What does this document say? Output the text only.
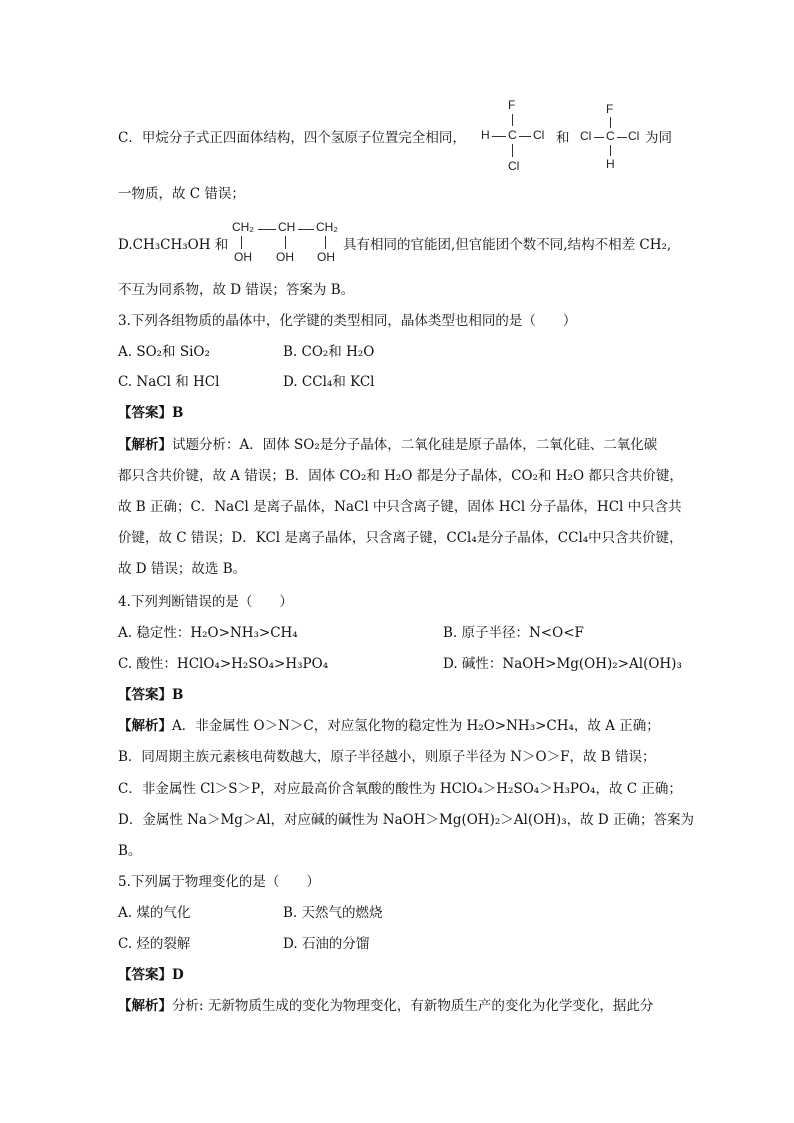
C．甲烷分子式正四面体结构，四个氢原子位置完全相同，
F
H C Cl
Cl
和
F
Cl C Cl
H
为同
一物质，故 C 错误；
D.CH₃CH₃OH 和
CH₂ CH CH₂
OH OH OH
具有相同的官能团,但官能团个数不同,结构不相差 CH₂,
不互为同系物，故 D 错误；答案为 B。
3.下列各组物质的晶体中，化学键的类型相同，晶体类型也相同的是（　　）
A. SO₂和 SiO₂	B. CO₂和 H₂O
C. NaCl 和 HCl	D. CCl₄和 KCl
【答案】B
【解析】试题分析：A．固体 SO₂是分子晶体，二氧化硅是原子晶体，二氧化硅、二氧化碳
都只含共价键，故 A 错误；B．固体 CO₂和 H₂O 都是分子晶体，CO₂和 H₂O 都只含共价键，
故 B 正确；C．NaCl 是离子晶体，NaCl 中只含离子键，固体 HCl 分子晶体，HCl 中只含共
价键，故 C 错误；D．KCl 是离子晶体，只含离子键，CCl₄是分子晶体，CCl₄中只含共价键，
故 D 错误；故选 B。
4.下列判断错误的是（　　）
A. 稳定性：H₂O>NH₃>CH₄	B. 原子半径：N<O<F
C. 酸性：HClO₄>H₂SO₄>H₃PO₄	D. 碱性：NaOH>Mg(OH)₂>Al(OH)₃
【答案】B
【解析】A．非金属性 O＞N＞C，对应氢化物的稳定性为 H₂O>NH₃>CH₄，故 A 正确；
B．同周期主族元素核电荷数越大，原子半径越小，则原子半径为 N＞O＞F，故 B 错误；
C．非金属性 Cl＞S＞P，对应最高价含氧酸的酸性为 HClO₄＞H₂SO₄＞H₃PO₄，故 C 正确；
D．金属性 Na＞Mg＞Al，对应碱的碱性为 NaOH＞Mg(OH)₂＞Al(OH)₃，故 D 正确；答案为
B。
5.下列属于物理变化的是（　　）
A. 煤的气化	B. 天然气的燃烧
C. 烃的裂解	D. 石油的分馏
【答案】D
【解析】分析: 无新物质生成的变化为物理变化，有新物质生产的变化为化学变化，据此分
